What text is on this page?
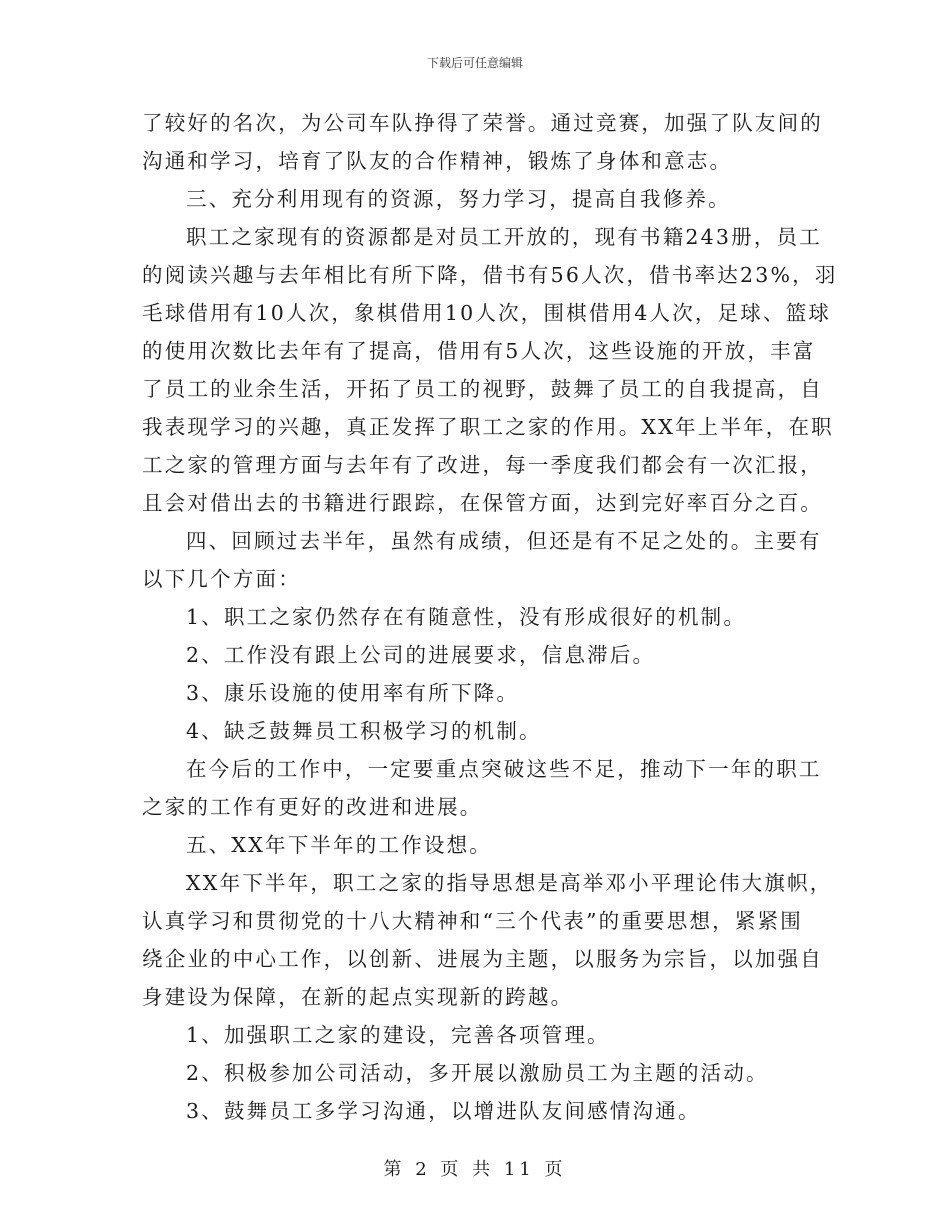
下载后可任意编辑
了较好的名次，为公司车队挣得了荣誉。通过竞赛，加强了队友间的
沟通和学习，培育了队友的合作精神，锻炼了身体和意志。
三、充分利用现有的资源，努力学习，提高自我修养。
职工之家现有的资源都是对员工开放的，现有书籍243册，员工
的阅读兴趣与去年相比有所下降，借书有56人次，借书率达23%，羽
毛球借用有10人次，象棋借用10人次，围棋借用4人次，足球、篮球
的使用次数比去年有了提高，借用有5人次，这些设施的开放，丰富
了员工的业余生活，开拓了员工的视野，鼓舞了员工的自我提高，自
我表现学习的兴趣，真正发挥了职工之家的作用。XX年上半年，在职
工之家的管理方面与去年有了改进，每一季度我们都会有一次汇报，
且会对借出去的书籍进行跟踪，在保管方面，达到完好率百分之百。
四、回顾过去半年，虽然有成绩，但还是有不足之处的。主要有
以下几个方面：
1、职工之家仍然存在有随意性，没有形成很好的机制。
2、工作没有跟上公司的进展要求，信息滞后。
3、康乐设施的使用率有所下降。
4、缺乏鼓舞员工积极学习的机制。
在今后的工作中，一定要重点突破这些不足，推动下一年的职工
之家的工作有更好的改进和进展。
五、XX年下半年的工作设想。
XX年下半年，职工之家的指导思想是高举邓小平理论伟大旗帜，
认真学习和贯彻党的十八大精神和“三个代表”的重要思想，紧紧围
绕企业的中心工作，以创新、进展为主题，以服务为宗旨，以加强自
身建设为保障，在新的起点实现新的跨越。
1、加强职工之家的建设，完善各项管理。
2、积极参加公司活动，多开展以激励员工为主题的活动。
3、鼓舞员工多学习沟通，以增进队友间感情沟通。
第 2 页 共 11 页
